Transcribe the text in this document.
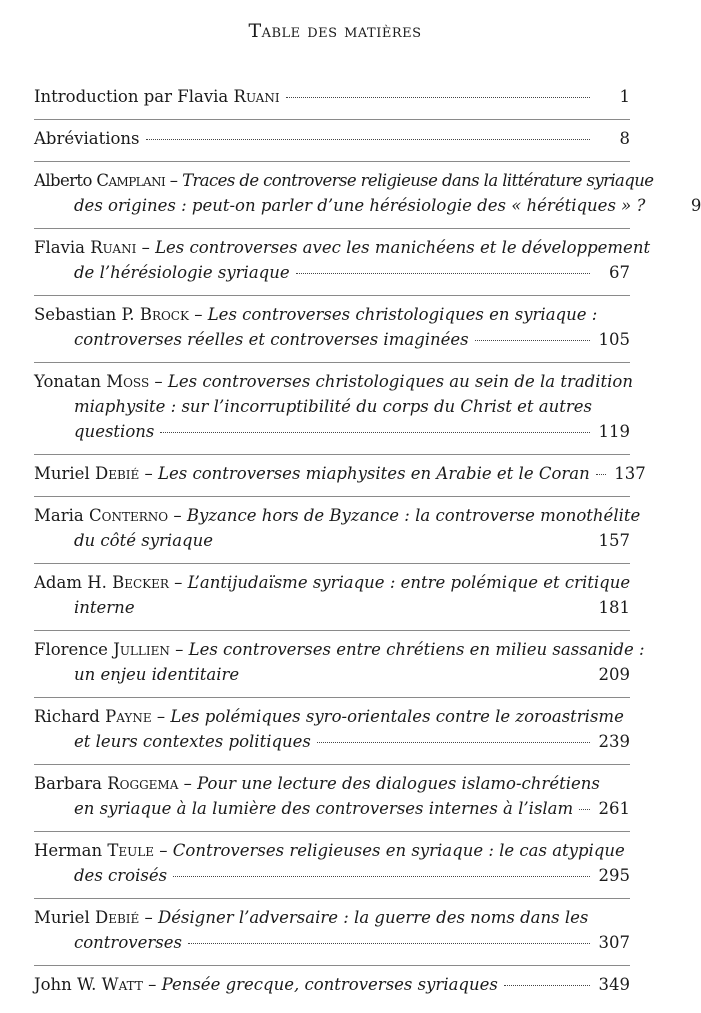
Table des matières
Introduction par Flavia Ruani	1
Abréviations	8
Alberto Camplani – Traces de controverse religieuse dans la littérature syriaque
des origines : peut-on parler d’une hérésiologie des « hérétiques » ?	9
Flavia Ruani – Les controverses avec les manichéens et le développement
de l’hérésiologie syriaque	67
Sebastian P. Brock – Les controverses christologiques en syriaque :
controverses réelles et controverses imaginées	105
Yonatan Moss – Les controverses christologiques au sein de la tradition
miaphysite : sur l’incorruptibilité du corps du Christ et autres
questions	119
Muriel Debié – Les controverses miaphysites en Arabie et le Coran 137
Maria Conterno – Byzance hors de Byzance : la controverse monothélite
du côté syriaque	157
Adam H. Becker – L’antijudaïsme syriaque : entre polémique et critique
interne	181
Florence Jullien – Les controverses entre chrétiens en milieu sassanide :
un enjeu identitaire	209
Richard Payne – Les polémiques syro-orientales contre le zoroastrisme
et leurs contextes politiques	239
Barbara Roggema – Pour une lecture des dialogues islamo-chrétiens
en syriaque à la lumière des controverses internes à l’islam 261
Herman Teule – Controverses religieuses en syriaque : le cas atypique
des croisés	295
Muriel Debié – Désigner l’adversaire : la guerre des noms dans les
controverses	307
John W. Watt – Pensée grecque, controverses syriaques	349
